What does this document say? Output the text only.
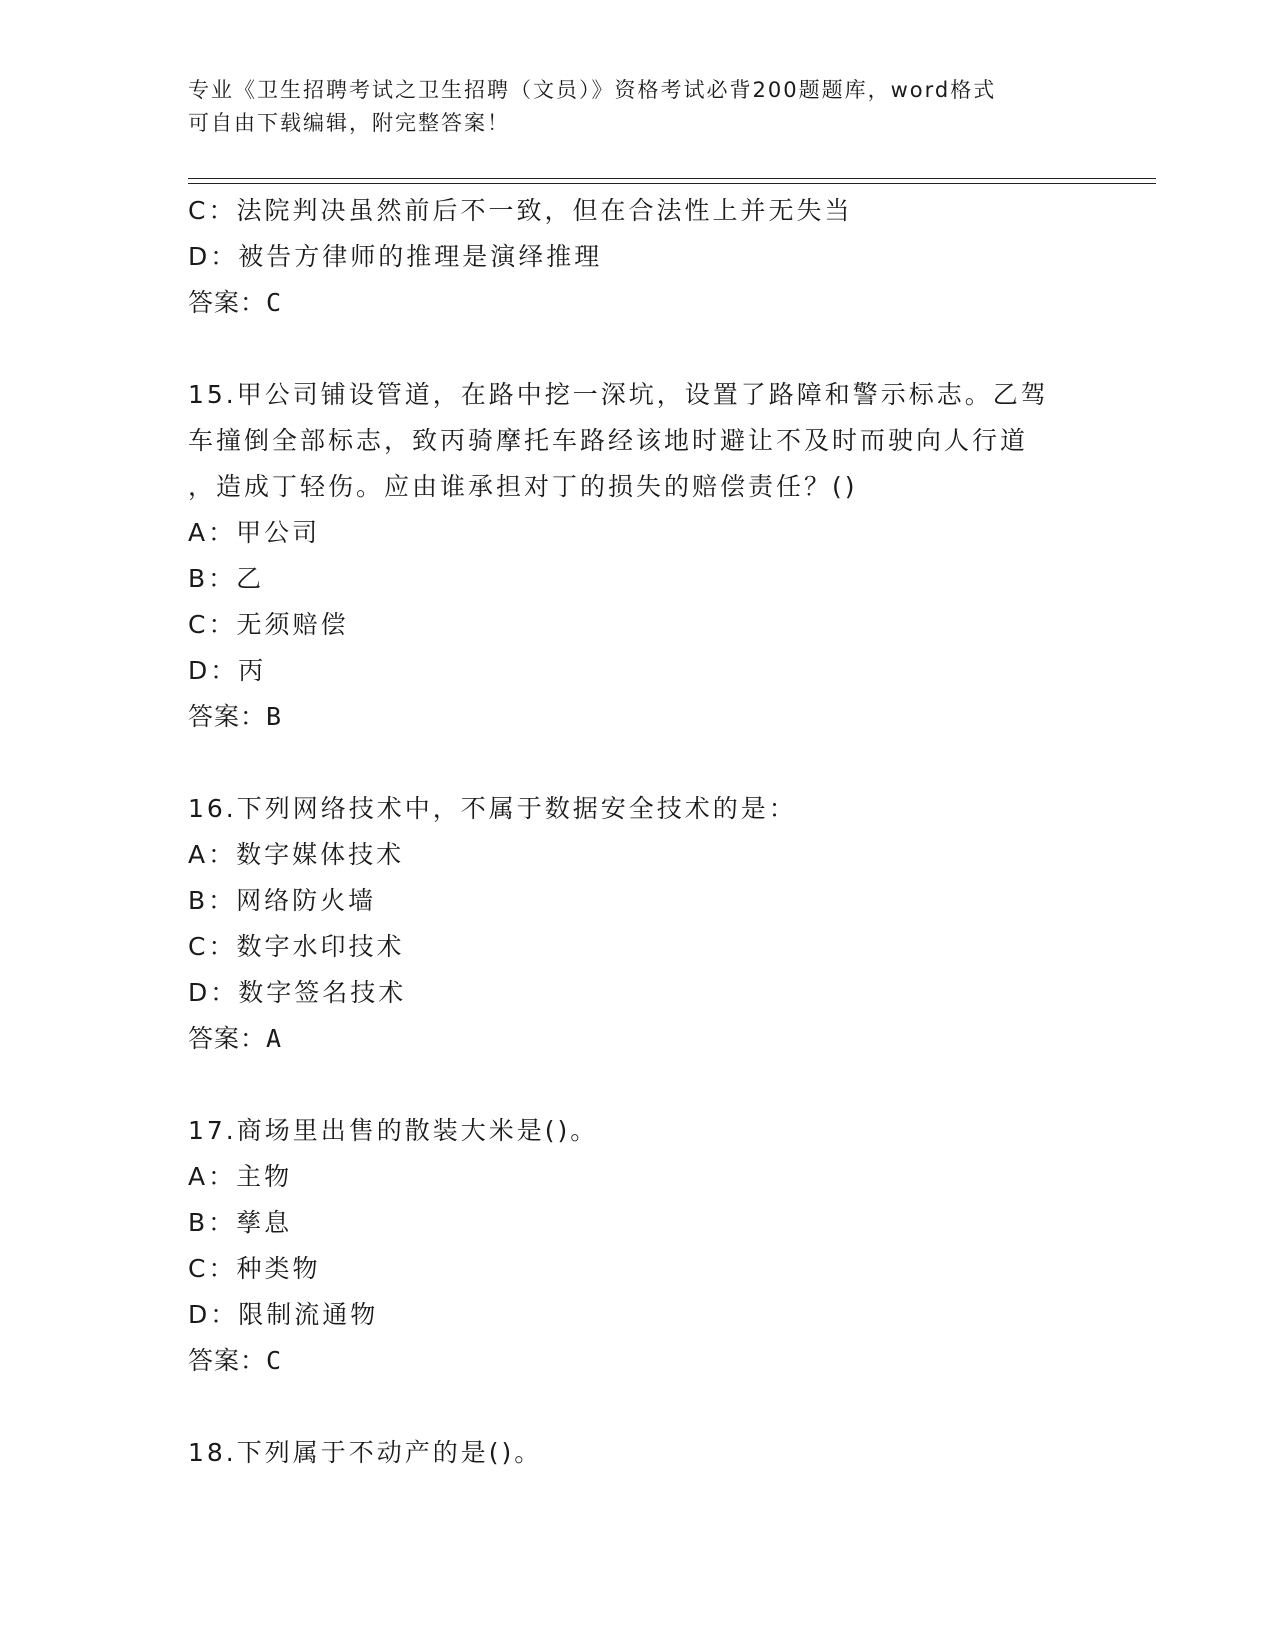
专业《卫生招聘考试之卫生招聘（文员）》资格考试必背200题题库，word格式
可自由下载编辑，附完整答案！
C：法院判决虽然前后不一致，但在合法性上并无失当
D：被告方律师的推理是演绎推理
答案：C
15.甲公司铺设管道，在路中挖一深坑，设置了路障和警示标志。乙驾
车撞倒全部标志，致丙骑摩托车路经该地时避让不及时而驶向人行道
，造成丁轻伤。应由谁承担对丁的损失的赔偿责任？()
A：甲公司
B：乙
C：无须赔偿
D：丙
答案：B
16.下列网络技术中，不属于数据安全技术的是：
A：数字媒体技术
B：网络防火墙
C：数字水印技术
D：数字签名技术
答案：A
17.商场里出售的散装大米是()。
A：主物
B：孳息
C：种类物
D：限制流通物
答案：C
18.下列属于不动产的是()。
